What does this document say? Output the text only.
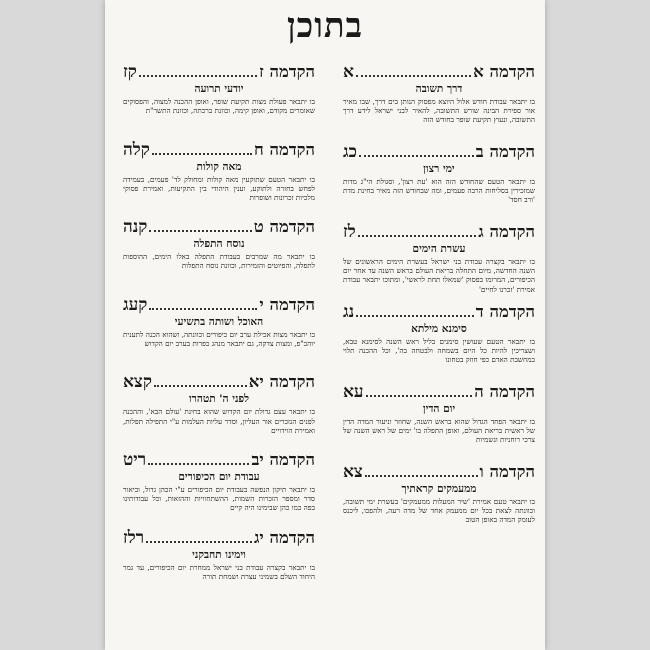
בתוכן
הקדמה א
א
דרך תשובה
בו יתבאר עבודת חודש אלול היוצא מפסוק הנותן בים דרך, שבו מאיר אור ספירת הבינה שורש התשובה, להאיר לבני ישראל לידע דרך התשובה, ונעוץ תקיעת שופר בחודש הזה
הקדמה ב
כג
ימי רצון
בו יתבאר הטעם שהחודש הזה הוא 'עת רצון', וסגולת הי"ג מדות שמזכירין בסליחות הרבה פעמים, ומה שבחודש הזה מאיר בחינת מדת 'ורב חסד'
הקדמה ג
לז
עשרת הימים
בו יתבאר בקצרה עבודת בני ישראל בעשרת הימים הראשונים של השנה החדשה, מיום התחלה בריאת העולם בראש השנה עד אחר יום הכיפורים, המרומז בפסוק 'שמאלו תחת לראשי', ומתוכו יתבאר עבודת אמירת 'זכרנו לחיים'
הקדמה ד
נג
סימנא מילתא
בו יתבאר הטעם שעושין סימנים בליל ראש השנה לסימנא טבא, ושצריכין להיות כל היום בשמחה ולבטחה בה', וכל ההכנה תלוי במחשבת האדם כפי חוזק בטחונו
הקדמה ה
עא
יום הדין
בו יתבאר הפחד הגדול שהוא בראש השנה, שחוזר וניעור המדה הדין של ראשית בריאת העולם, ואופן התפלה בו' ימים של ראש השנה של צרכי רוחניות וגשמיות
הקדמה ו
צא
ממעמקים קראתיך
בו יתבאר טעם אמירת 'שיר המעלות ממעמקים' בעשרת ימי תשובה, וכוונתה לצאת בכל יום ממעמק אחד של מדה רעה, ולהפכו, ליכנס לעומק המדה באופן הטוב
הקדמה ז
קז
יודעי תרועה
בו יתבאר פעולת מצות תקיעת שופר, ואופן ההכנה למצוה, והפסוקים שאומרים מקודם, ואופן קימה, וכוונת ברכתה, וכוונת התשר"ת
הקדמה ח
קלה
מאה קולות
בו יתבאר הטעם שתוקעין מאה קולות ומחולק לד' פעמים, בעמידה לפחש בחזרה ולתוקע, וענין היהודי בין התקיעות, ואמירת פסוקי מלכיות זכרונות ושופרות
הקדמה ט
קנה
נוסח התפלה
בו יתבאר מה שמרבים בעבודת התפלה באלו הימים, ההוספות לתפלה, והפיוטים והזמירות, וכוונת נוסח התפלות
הקדמה י
קעג
האוכל ושותה בתשיעי
בו יתבאר מצות אכילת ערב יום כיפורים וכוונתה, ושהוא הכנה לתענית יוהכ"פ, ומצות צדקה, גם יתבאר מנהג כפרות בערב יום הקדוש
הקדמה יא
קצא
לפני ה' תטהרו
בו יתבאר עצם גדולת יום הקדוש שהוא בחינת 'עולם הבא', וההכנה לפנים הנזכרים אור העליון, וסדר עליות העלמות ע"י התפילה תפלות, ואמירת הוידויים
הקדמה יב
ריט
עבודת יום הכיפורים
בו יתבאר תיקון הנפשה בעבודת יום הכיפורים ע"י הכהן גדול, וביאור סדר ומספר הזכרות השמות, ההשתחוויות וההזאות, וכל עבודותינו בפה כמו כהן שבימינו היה קיים
הקדמה יג
רלז
וימינו תחבקני
בו יתבאר בקצרה עבודת בני ישראל ממחרת יום הכיפורים, עד גמר היחוד השלם בשמיני עצרת ושמחת תורה
